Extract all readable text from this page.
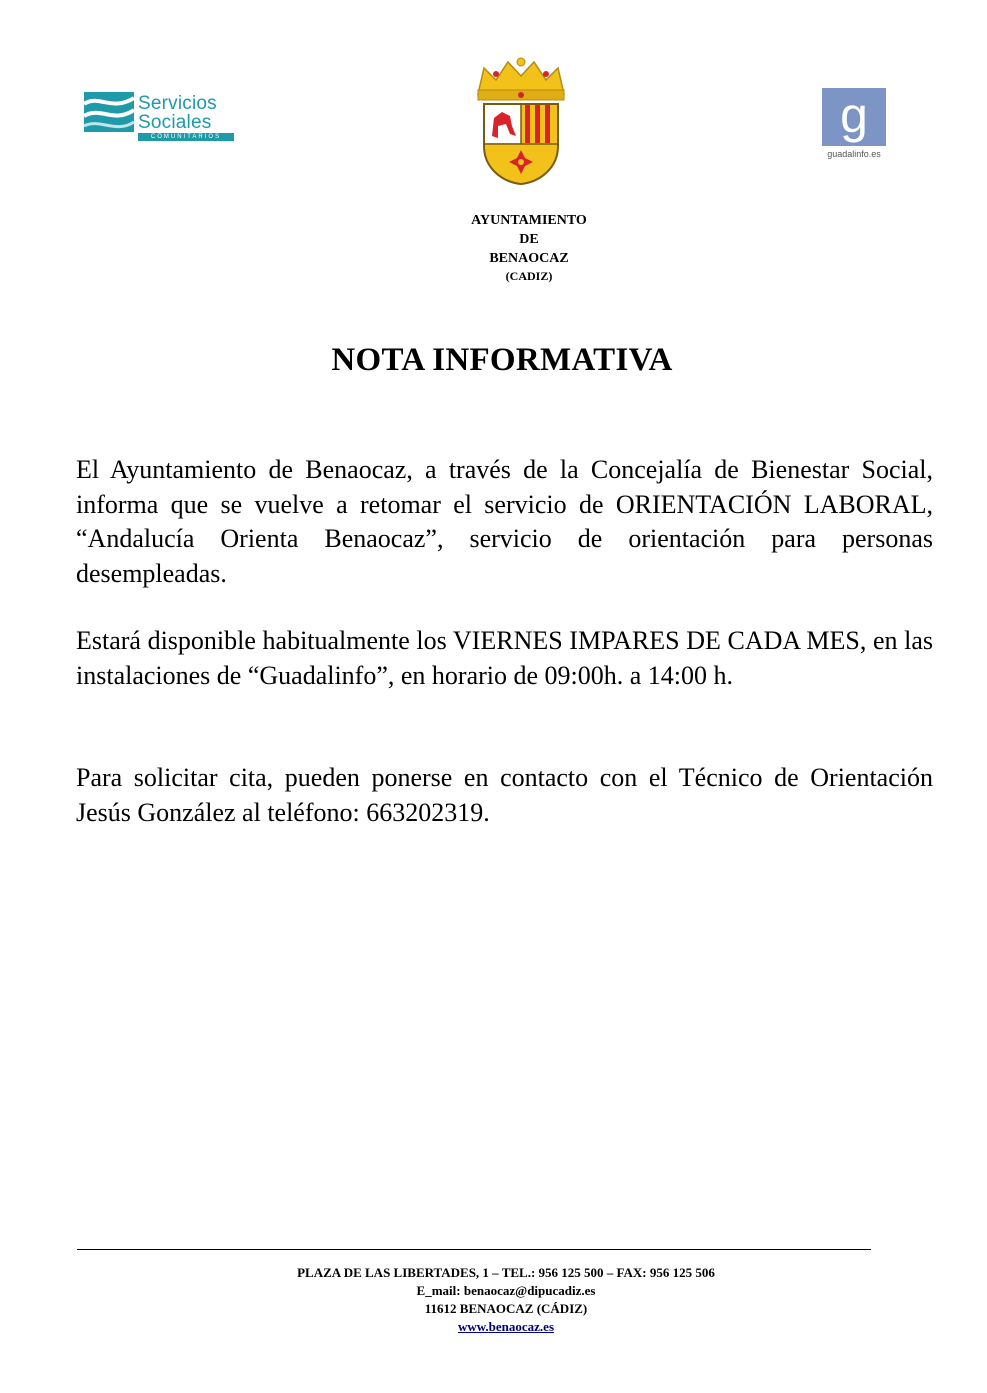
Servicios
Sociales
COMUNITARIOS	g
guadalinfo.es
AYUNTAMIENTO
DE
BENAOCAZ
(CADIZ)
NOTA INFORMATIVA

El Ayuntamiento de Benaocaz, a través de la Concejalía de Bienestar Social, informa que se vuelve a retomar el servicio de ORIENTACIÓN LABORAL, “Andalucía Orienta Benaocaz”, servicio de orientación para personas desempleadas.

Estará disponible habitualmente los VIERNES IMPARES DE CADA MES, en las instalaciones de “Guadalinfo”, en horario de 09:00h. a 14:00 h.

Para solicitar cita, pueden ponerse en contacto con el Técnico de Orientación Jesús González al teléfono: 663202319.

PLAZA DE LAS LIBERTADES, 1 – TEL.: 956 125 500 – FAX: 956 125 506
E_mail: benaocaz@dipucadiz.es
11612 BENAOCAZ (CÁDIZ)
www.benaocaz.es
